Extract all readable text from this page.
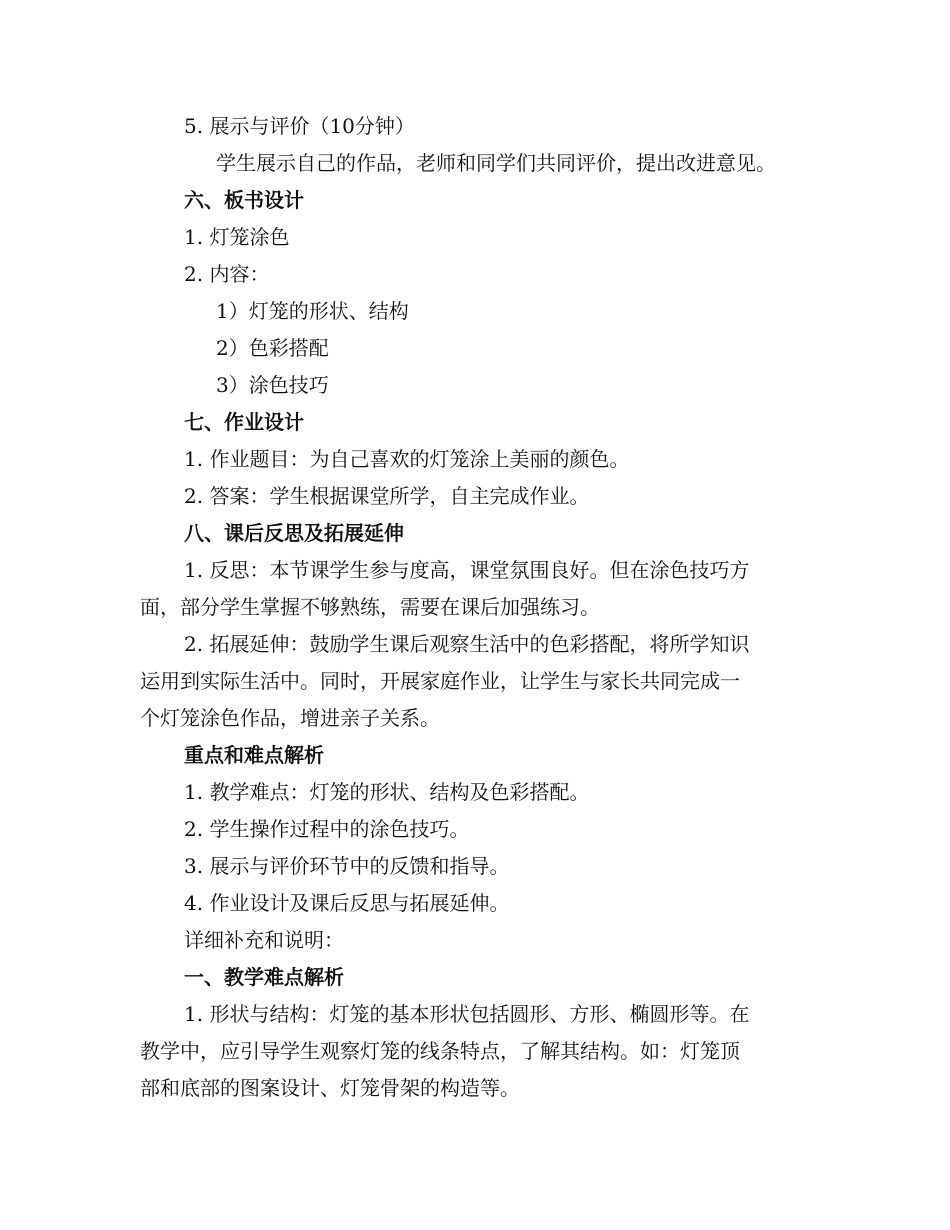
5. 展示与评价（10分钟）
学生展示自己的作品，老师和同学们共同评价，提出改进意见。
六、板书设计
1. 灯笼涂色
2. 内容：
1）灯笼的形状、结构
2）色彩搭配
3）涂色技巧
七、作业设计
1. 作业题目：为自己喜欢的灯笼涂上美丽的颜色。
2. 答案：学生根据课堂所学，自主完成作业。
八、课后反思及拓展延伸
1. 反思：本节课学生参与度高，课堂氛围良好。但在涂色技巧方
面，部分学生掌握不够熟练，需要在课后加强练习。
2. 拓展延伸：鼓励学生课后观察生活中的色彩搭配，将所学知识
运用到实际生活中。同时，开展家庭作业，让学生与家长共同完成一
个灯笼涂色作品，增进亲子关系。
重点和难点解析
1. 教学难点：灯笼的形状、结构及色彩搭配。
2. 学生操作过程中的涂色技巧。
3. 展示与评价环节中的反馈和指导。
4. 作业设计及课后反思与拓展延伸。
详细补充和说明：
一、教学难点解析
1. 形状与结构：灯笼的基本形状包括圆形、方形、椭圆形等。在
教学中，应引导学生观察灯笼的线条特点，了解其结构。如：灯笼顶
部和底部的图案设计、灯笼骨架的构造等。
